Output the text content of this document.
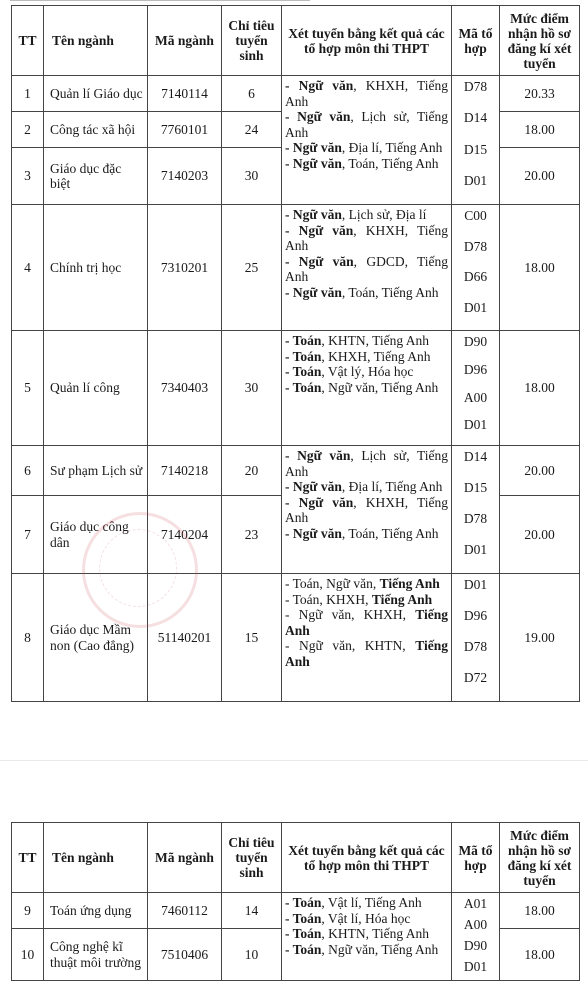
TT	Tên ngành	Mã ngành	Chỉ tiêu tuyển sinh	Xét tuyển bằng kết quả các tổ hợp môn thi THPT	Mã tổ hợp	Mức điểm nhận hồ sơ đăng kí xét tuyển
1	Quản lí Giáo dục	7140114	6	- Ngữ văn, KHXH, Tiếng Anh
- Ngữ văn, Lịch sử, Tiếng Anh
- Ngữ văn, Địa lí, Tiếng Anh
- Ngữ văn, Toán, Tiếng Anh	D78
D14
D15
D01	20.33
2	Công tác xã hội	7760101	24			18.00
3	Giáo dục đặc biệt	7140203	30			20.00
4	Chính trị học	7310201	25	- Ngữ văn, Lịch sử, Địa lí
- Ngữ văn, KHXH, Tiếng Anh
- Ngữ văn, GDCD, Tiếng Anh
- Ngữ văn, Toán, Tiếng Anh	C00
D78
D66
D01	18.00
5	Quản lí công	7340403	30	- Toán, KHTN, Tiếng Anh
- Toán, KHXH, Tiếng Anh
- Toán, Vật lý, Hóa học
- Toán, Ngữ văn, Tiếng Anh	D90
D96
A00
D01	18.00
6	Sư phạm Lịch sử	7140218	20	- Ngữ văn, Lịch sử, Tiếng Anh
- Ngữ văn, Địa lí, Tiếng Anh
- Ngữ văn, KHXH, Tiếng Anh
- Ngữ văn, Toán, Tiếng Anh	D14
D15
D78
D01	20.00
7	Giáo dục công dân	7140204	23			20.00
8	Giáo dục Mầm non (Cao đẳng)	51140201	15	- Toán, Ngữ văn, Tiếng Anh
- Toán, KHXH, Tiếng Anh
- Ngữ văn, KHXH, Tiếng Anh
- Ngữ văn, KHTN, Tiếng Anh	D01
D96
D78
D72	19.00
TT	Tên ngành	Mã ngành	Chỉ tiêu tuyển sinh	Xét tuyển bằng kết quả các tổ hợp môn thi THPT	Mã tổ hợp	Mức điểm nhận hồ sơ đăng kí xét tuyển
9	Toán ứng dụng	7460112	14	- Toán, Vật lí, Tiếng Anh
- Toán, Vật lí, Hóa học
- Toán, KHTN, Tiếng Anh
- Toán, Ngữ văn, Tiếng Anh	A01
A00
D90
D01	18.00
10	Công nghệ kĩ thuật môi trường	7510406	10			18.00
